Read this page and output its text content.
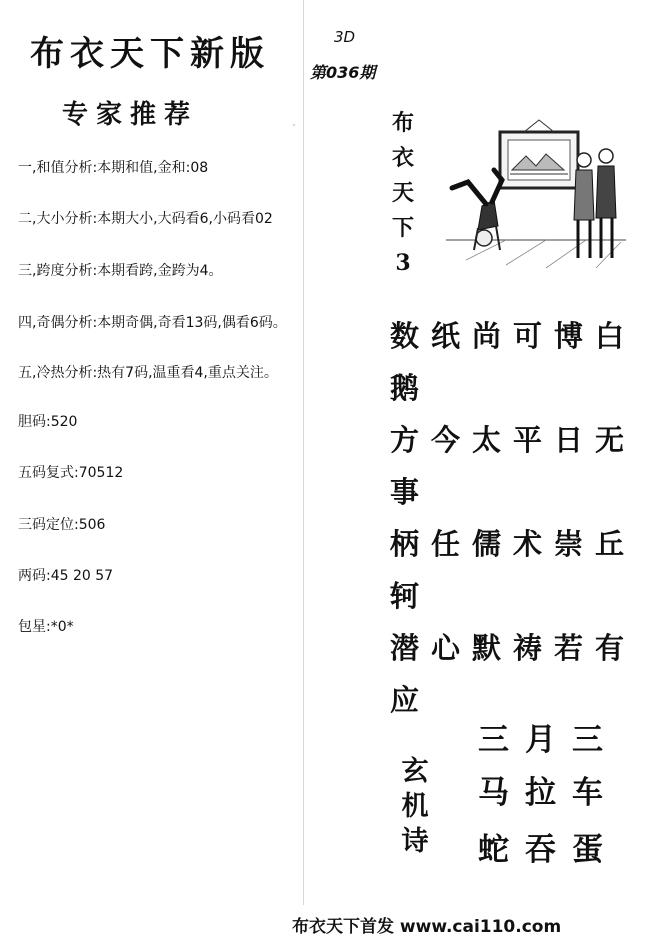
·
布衣天下新版	3D
第036期
专家推荐
一,和值分析:本期和值,金和:08
二,大小分析:本期大小,大码看6,小码看02
三,跨度分析:本期看跨,金跨为4。
四,奇偶分析:本期奇偶,奇看13码,偶看6码。
五,冷热分析:热有7码,温重看4,重点关注。
胆码:520
五码复式:70512
三码定位:506
两码:45 20 57
包星:*0*
布
衣
天
下
3
数纸尚可博白鹅
方今太平日无事
柄任儒术崇丘轲
潜心默祷若有应
玄
机
诗
三月三
马拉车
蛇吞蛋
布衣天下首发 www.cai110.com
